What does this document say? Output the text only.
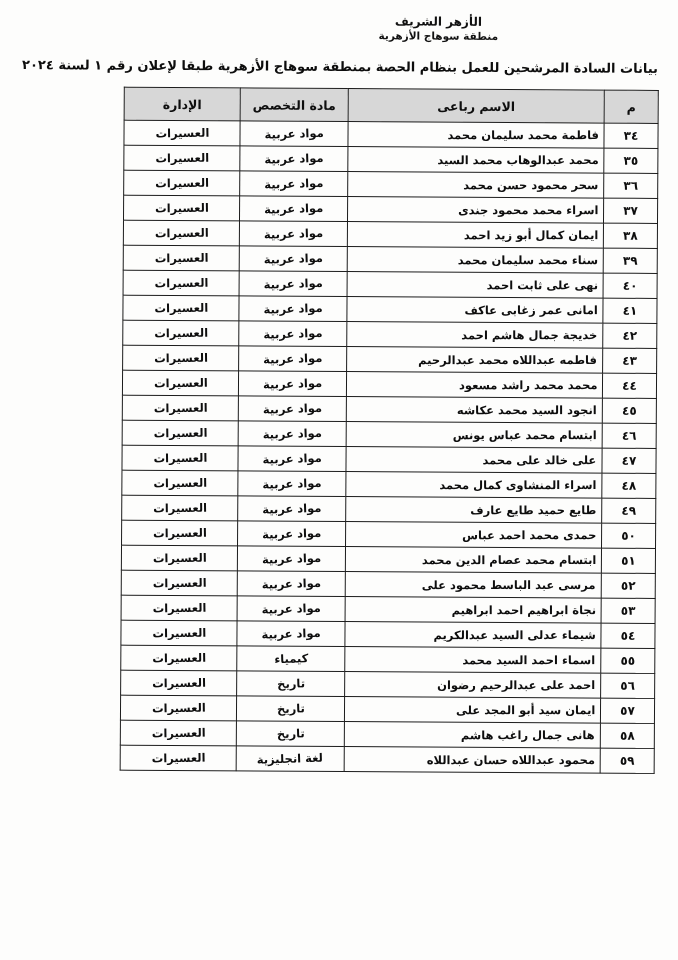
الأزهر الشريف
منطقة سوهاج الأزهرية
بيانات السادة المرشحين للعمل بنظام الحصة بمنطقة سوهاج الأزهرية طبقا لإعلان رقم ١ لسنة ٢٠٢٤
م	الاسم رباعى	مادة التخصص	الإدارة
٣٤	فاطمة محمد سليمان محمد	مواد عربية	العسيرات
٣٥	محمد عبدالوهاب محمد السيد	مواد عربية	العسيرات
٣٦	سحر محمود حسن محمد	مواد عربية	العسيرات
٣٧	اسراء محمد محمود جندى	مواد عربية	العسيرات
٣٨	ايمان كمال أبو زيد احمد	مواد عربية	العسيرات
٣٩	سناء محمد سليمان محمد	مواد عربية	العسيرات
٤٠	نهى على ثابت احمد	مواد عربية	العسيرات
٤١	امانى عمر زغابى عاكف	مواد عربية	العسيرات
٤٢	خديجة جمال هاشم احمد	مواد عربية	العسيرات
٤٣	فاطمه عبداللاه محمد عبدالرحيم	مواد عربية	العسيرات
٤٤	محمد محمد راشد مسعود	مواد عربية	العسيرات
٤٥	انجود السيد محمد عكاشه	مواد عربية	العسيرات
٤٦	ابتسام محمد عباس يونس	مواد عربية	العسيرات
٤٧	على خالد على محمد	مواد عربية	العسيرات
٤٨	اسراء المنشاوى كمال محمد	مواد عربية	العسيرات
٤٩	طايع حميد طايع عارف	مواد عربية	العسيرات
٥٠	حمدى محمد احمد عباس	مواد عربية	العسيرات
٥١	ابتسام محمد عصام الدين محمد	مواد عربية	العسيرات
٥٢	مرسى عبد الباسط محمود على	مواد عربية	العسيرات
٥٣	نجاة ابراهيم احمد ابراهيم	مواد عربية	العسيرات
٥٤	شيماء عدلى السيد عبدالكريم	مواد عربية	العسيرات
٥٥	اسماء احمد السيد محمد	كيمياء	العسيرات
٥٦	احمد على عبدالرحيم رضوان	تاريخ	العسيرات
٥٧	ايمان سيد أبو المجد على	تاريخ	العسيرات
٥٨	هانى جمال راغب هاشم	تاريخ	العسيرات
٥٩	محمود عبداللاه حسان عبداللاه	لغة انجليزية	العسيرات
